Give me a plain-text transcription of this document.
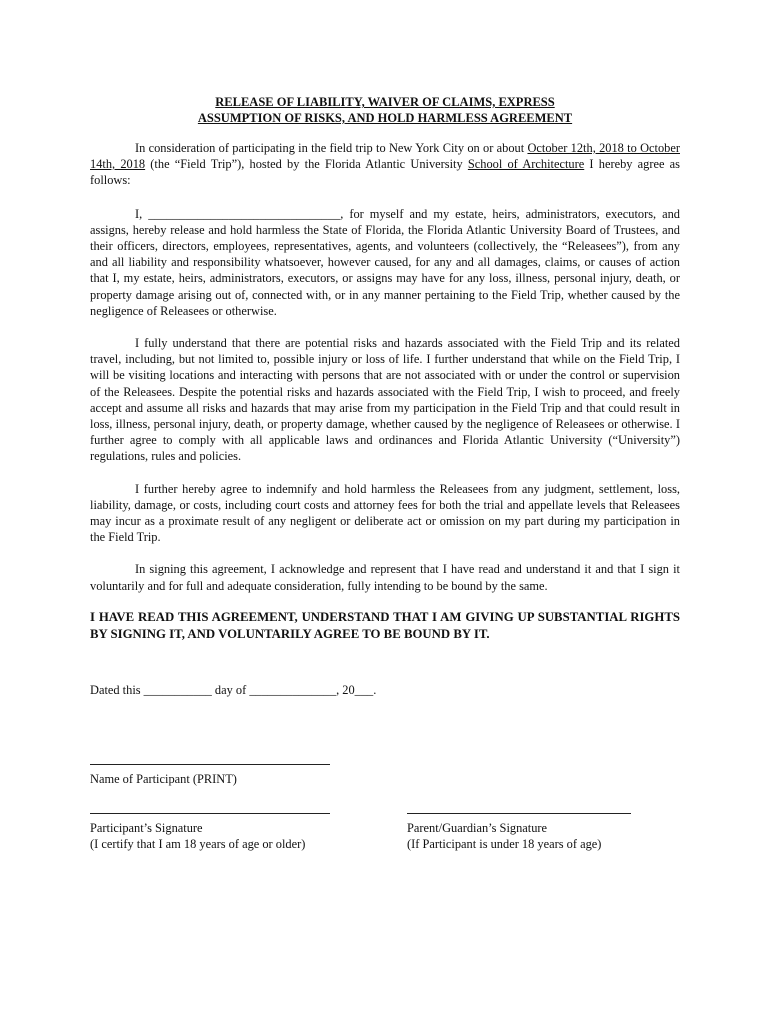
RELEASE OF LIABILITY, WAIVER OF CLAIMS, EXPRESS
ASSUMPTION OF RISKS, AND HOLD HARMLESS AGREEMENT

In consideration of participating in the field trip to New York City on or about October 12th, 2018 to October 14th, 2018 (the “Field Trip”), hosted by the Florida Atlantic University School of Architecture I hereby agree as follows:

I, _______________________________, for myself and my estate, heirs, administrators, executors, and assigns, hereby release and hold harmless the State of Florida, the Florida Atlantic University Board of Trustees, and their officers, directors, employees, representatives, agents, and volunteers (collectively, the “Releasees”), from any and all liability and responsibility whatsoever, however caused, for any and all damages, claims, or causes of action that I, my estate, heirs, administrators, executors, or assigns may have for any loss, illness, personal injury, death, or property damage arising out of, connected with, or in any manner pertaining to the Field Trip, whether caused by the negligence of Releasees or otherwise.

I fully understand that there are potential risks and hazards associated with the Field Trip and its related travel, including, but not limited to, possible injury or loss of life. I further understand that while on the Field Trip, I will be visiting locations and interacting with persons that are not associated with or under the control or supervision of the Releasees. Despite the potential risks and hazards associated with the Field Trip, I wish to proceed, and freely accept and assume all risks and hazards that may arise from my participation in the Field Trip and that could result in loss, illness, personal injury, death, or property damage, whether caused by the negligence of Releasees or otherwise. I further agree to comply with all applicable laws and ordinances and Florida Atlantic University (“University”) regulations, rules and policies.

I further hereby agree to indemnify and hold harmless the Releasees from any judgment, settlement, loss, liability, damage, or costs, including court costs and attorney fees for both the trial and appellate levels that Releasees may incur as a proximate result of any negligent or deliberate act or omission on my part during my participation in the Field Trip.

In signing this agreement, I acknowledge and represent that I have read and understand it and that I sign it voluntarily and for full and adequate consideration, fully intending to be bound by the same.

I HAVE READ THIS AGREEMENT, UNDERSTAND THAT I AM GIVING UP SUBSTANTIAL RIGHTS BY SIGNING IT, AND VOLUNTARILY AGREE TO BE BOUND BY IT.

Dated this ___________ day of ______________, 20___.
Name of Participant (PRINT)
Participant’s Signature
(I certify that I am 18 years of age or older)
Parent/Guardian’s Signature
(If Participant is under 18 years of age)
